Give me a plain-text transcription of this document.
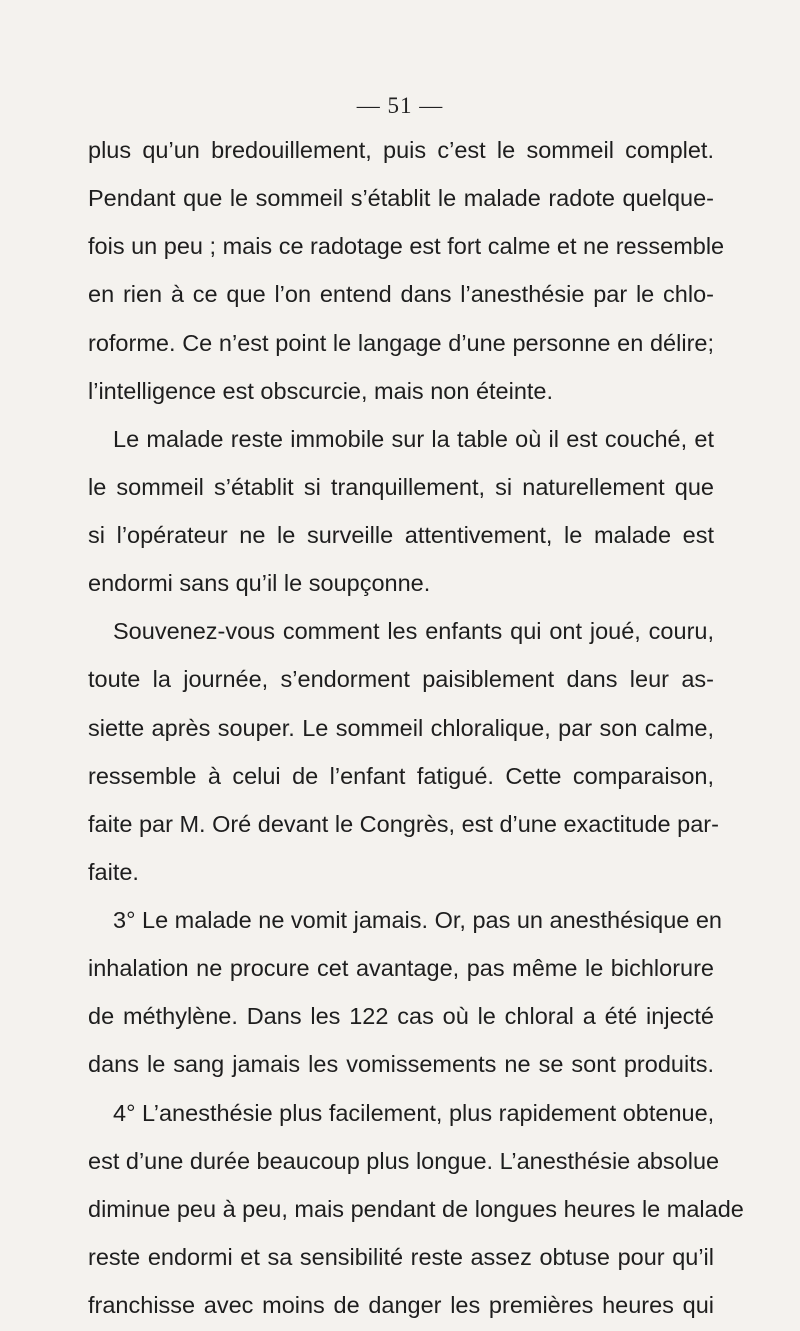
— 51 —
plus qu’un bredouillement, puis c’est le sommeil complet.
Pendant que le sommeil s’établit le malade radote quelque-
fois un peu ; mais ce radotage est fort calme et ne ressemble
en rien à ce que l’on entend dans l’anesthésie par le chlo-
roforme. Ce n’est point le langage d’une personne en délire;
l’intelligence est obscurcie, mais non éteinte.
Le malade reste immobile sur la table où il est couché, et
le sommeil s’établit si tranquillement, si naturellement que
si l’opérateur ne le surveille attentivement, le malade est
endormi sans qu’il le soupçonne.
Souvenez-vous comment les enfants qui ont joué, couru,
toute la journée, s’endorment paisiblement dans leur as-
siette après souper. Le sommeil chloralique, par son calme,
ressemble à celui de l’enfant fatigué. Cette comparaison,
faite par M. Oré devant le Congrès, est d’une exactitude par-
faite.
3° Le malade ne vomit jamais. Or, pas un anesthésique en
inhalation ne procure cet avantage, pas même le bichlorure
de méthylène. Dans les 122 cas où le chloral a été injecté
dans le sang jamais les vomissements ne se sont produits.
4° L’anesthésie plus facilement, plus rapidement obtenue,
est d’une durée beaucoup plus longue. L’anesthésie absolue
diminue peu à peu, mais pendant de longues heures le malade
reste endormi et sa sensibilité reste assez obtuse pour qu’il
franchisse avec moins de danger les premières heures qui
